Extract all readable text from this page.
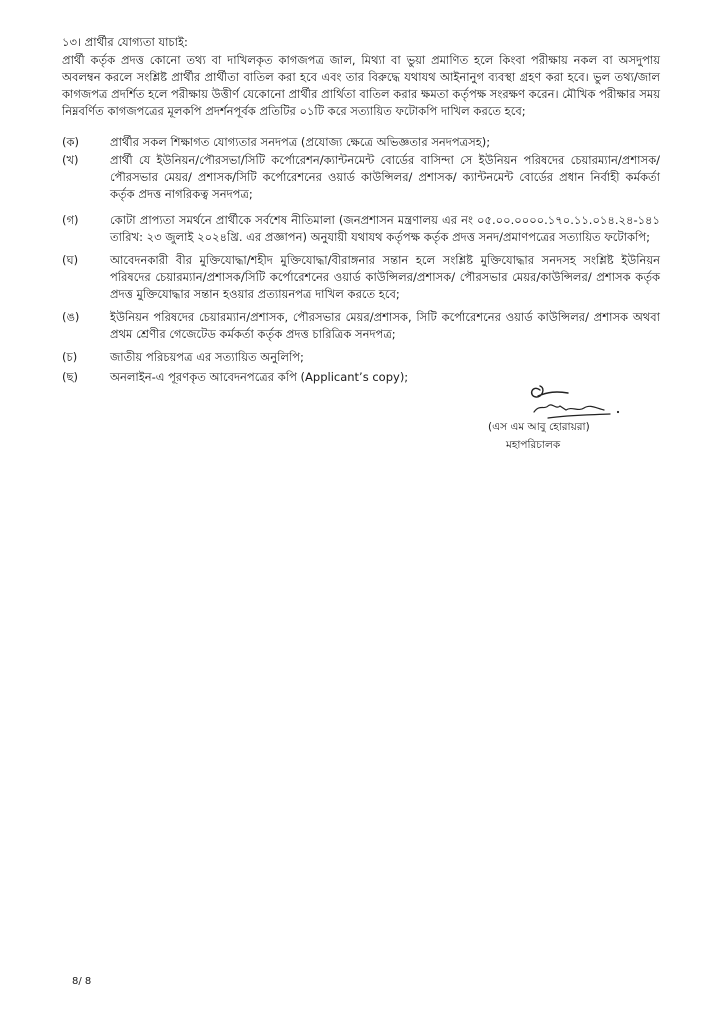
১৩। প্রার্থীর যোগ্যতা যাচাই:

প্রার্থী কর্তৃক প্রদত্ত কোনো তথ্য বা দাখিলকৃত কাগজপত্র জাল, মিথ্যা বা ভুয়া প্রমাণিত হলে কিংবা পরীক্ষায় নকল বা অসদুপায় অবলম্বন করলে সংশ্লিষ্ট প্রার্থীর প্রার্থীতা বাতিল করা হবে এবং তার বিরুদ্ধে যথাযথ আইনানুগ ব্যবস্থা গ্রহণ করা হবে। ভুল তথ্য/জাল কাগজপত্র প্রদর্শিত হলে পরীক্ষায় উত্তীর্ণ যেকোনো প্রার্থীর প্রার্থিতা বাতিল করার ক্ষমতা কর্তৃপক্ষ সংরক্ষণ করেন। মৌখিক পরীক্ষার সময় নিম্নবর্ণিত কাগজপত্রের মূলকপি প্রদর্শনপূর্বক প্রতিটির ০১টি করে সত্যায়িত ফটোকপি দাখিল করতে হবে;

(ক)	প্রার্থীর সকল শিক্ষাগত যোগ্যতার সনদপত্র (প্রযোজ্য ক্ষেত্রে অভিজ্ঞতার সনদপত্রসহ);
(খ)	প্রার্থী যে ইউনিয়ন/পৌরসভা/সিটি কর্পোরেশন/ক্যান্টনমেন্ট বোর্ডের বাসিন্দা সে ইউনিয়ন পরিষদের চেয়ারম্যান/প্রশাসক/পৌরসভার মেয়র/ প্রশাসক/সিটি কর্পোরেশনের ওয়ার্ড কাউন্সিলর/ প্রশাসক/ ক্যান্টনমেন্ট বোর্ডের প্রধান নির্বাহী কর্মকর্তা কর্তৃক প্রদত্ত নাগরিকত্ব সনদপত্র;
(গ)	কোটা প্রাপ্যতা সমর্থনে প্রার্থীকে সর্বশেষ নীতিমালা (জনপ্রশাসন মন্ত্রণালয় এর নং ০৫.০০.০০০০.১৭০.১১.০১৪.২৪-১৪১ তারিখ: ২৩ জুলাই ২০২৪খ্রি. এর প্রজ্ঞাপন) অনুযায়ী যথাযথ কর্তৃপক্ষ কর্তৃক প্রদত্ত সনদ/প্রমাণপত্রের সত্যায়িত ফটোকপি;
(ঘ)	আবেদনকারী বীর মুক্তিযোদ্ধা/শহীদ মুক্তিযোদ্ধা/বীরাঙ্গনার সন্তান হলে সংশ্লিষ্ট মুক্তিযোদ্ধার সনদসহ সংশ্লিষ্ট ইউনিয়ন পরিষদের চেয়ারম্যান/প্রশাসক/সিটি কর্পোরেশনের ওয়ার্ড কাউন্সিলর/প্রশাসক/ পৌরসভার মেয়র/কাউন্সিলর/ প্রশাসক কর্তৃক প্রদত্ত মুক্তিযোদ্ধার সন্তান হওয়ার প্রত্যায়নপত্র দাখিল করতে হবে;
(ঙ)	ইউনিয়ন পরিষদের চেয়ারম্যান/প্রশাসক, পৌরসভার মেয়র/প্রশাসক, সিটি কর্পোরেশনের ওয়ার্ড কাউন্সিলর/ প্রশাসক অথবা প্রথম শ্রেণীর গেজেটেড কর্মকর্তা কর্তৃক প্রদত্ত চারিত্রিক সনদপত্র;
(চ)	জাতীয় পরিচয়পত্র এর সত্যায়িত অনুলিপি;
(ছ)	অনলাইন-এ পূরণকৃত আবেদনপত্রের কপি (Applicant’s copy);
(এস এম আবু হোরায়রা)
মহাপরিচালক
8/ 8
